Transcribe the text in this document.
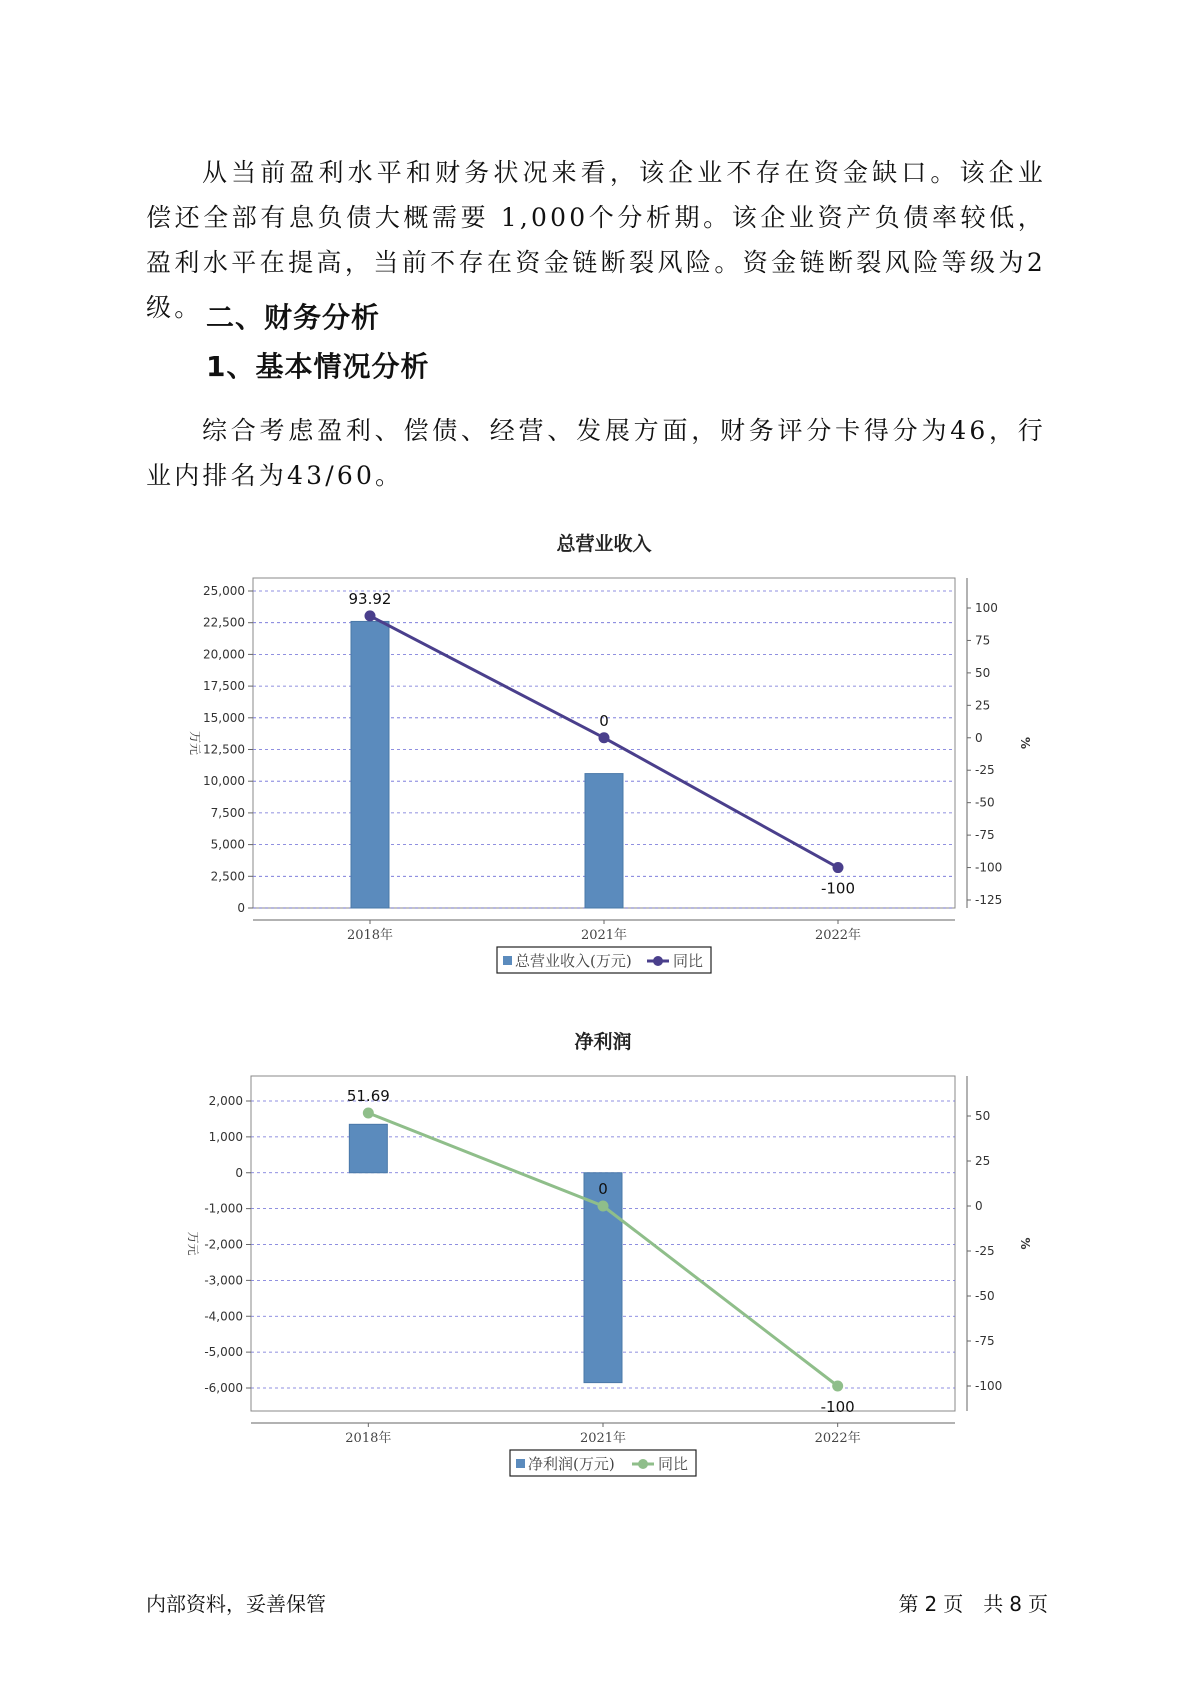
从当前盈利水平和财务状况来看，该企业不存在资金缺口。该企业偿还全部有息负债大概需要 1,000个分析期。该企业资产负债率较低，盈利水平在提高，当前不存在资金链断裂风险。资金链断裂风险等级为2级。 二、财务分析
1、基本情况分析

综合考虑盈利、偿债、经营、发展方面，财务评分卡得分为46，行业内排名为43/60。

总营业收入
25,000
22,500
20,000
17,500
15,000
12,500
10,000
7,500
5,000
2,500
0
万元
100
75
50
25
0
-25
-50
-75
-100
-125
%
2018年	2021年	2022年
93.92
0
-100
总营业收入(万元)	同比
净利润
2,000
1,000
0
-1,000
-2,000
-3,000
-4,000
-5,000
-6,000
万元
50
25
0
-25
-50
-75
-100
%
2018年	2021年	2022年
51.69
0
-100
净利润(万元)	同比
内部资料，妥善保管	第 2 页　共 8 页
